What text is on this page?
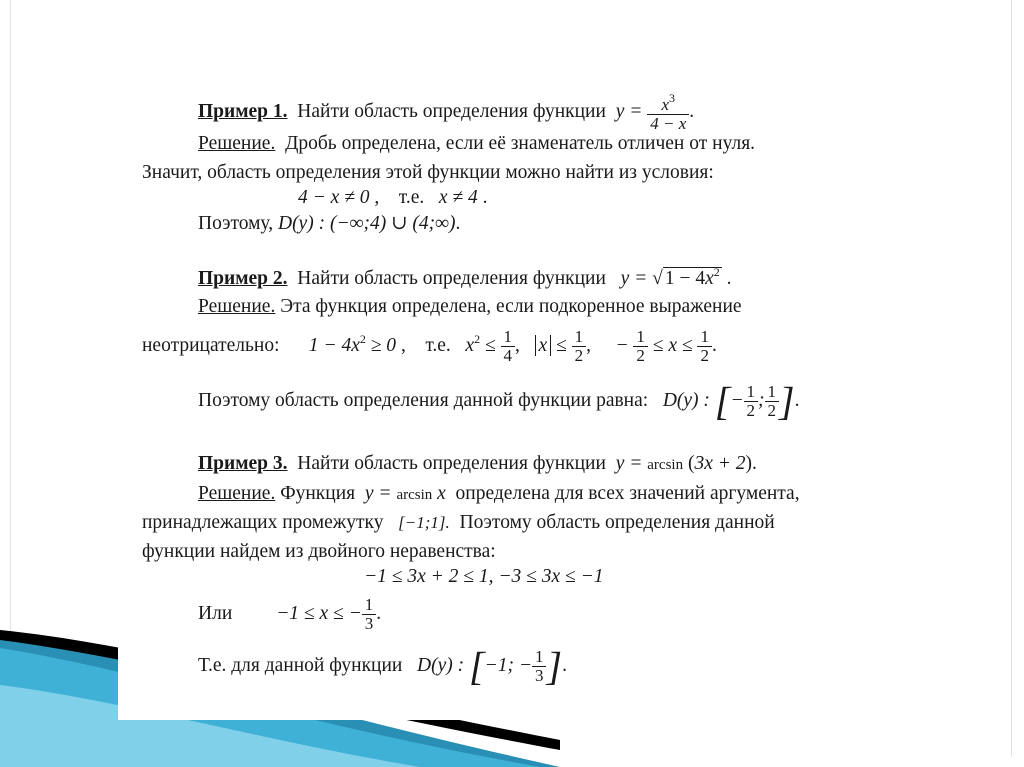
Пример 1. Найти область определения функции $y = \frac{x^3}{4 - x}$ .
Решение. Дробь определена, если её знаменатель отличен от нуля.
Значит, область определения этой функции можно найти из условия:
4 − x ≠ 0 ,    т.е. x ≠ 4 .
Поэтому, D(y) : (−∞;4) ∪ (4;∞).
Пример 2. Найти область определения функции y = √ $1 - 4x^2$ .
Решение. Эта функция определена, если подкоренное выражение
неотрицательно: $1 - 4x^2 \ge 0$ ,    т.е. $x^2 \le \frac{1}{4}$ ,   $x \le \frac{1}{2}$ ,     − $\frac{1}{2} \le x \le \frac{1}{2}$ .
Поэтому область определения данной функции равна: D(y) : [− $\frac{1}{2}$ ; $\frac{1}{2}$ ].
Пример 3. Найти область определения функции y = arcsin (3x + 2).
Решение. Функция y = arcsin x определена для всех значений аргумента,
принадлежащих промежутку [−1;1]. Поэтому область определения данной
функции найдем из двойного неравенства:
−1 ≤ 3x + 2 ≤ 1, −3 ≤ 3x ≤ −1
Или −1 ≤ x ≤ − $\frac{1}{3}$ .
Т.е. для данной функции D(y) : [−1; − $\frac{1}{3}$ ].
